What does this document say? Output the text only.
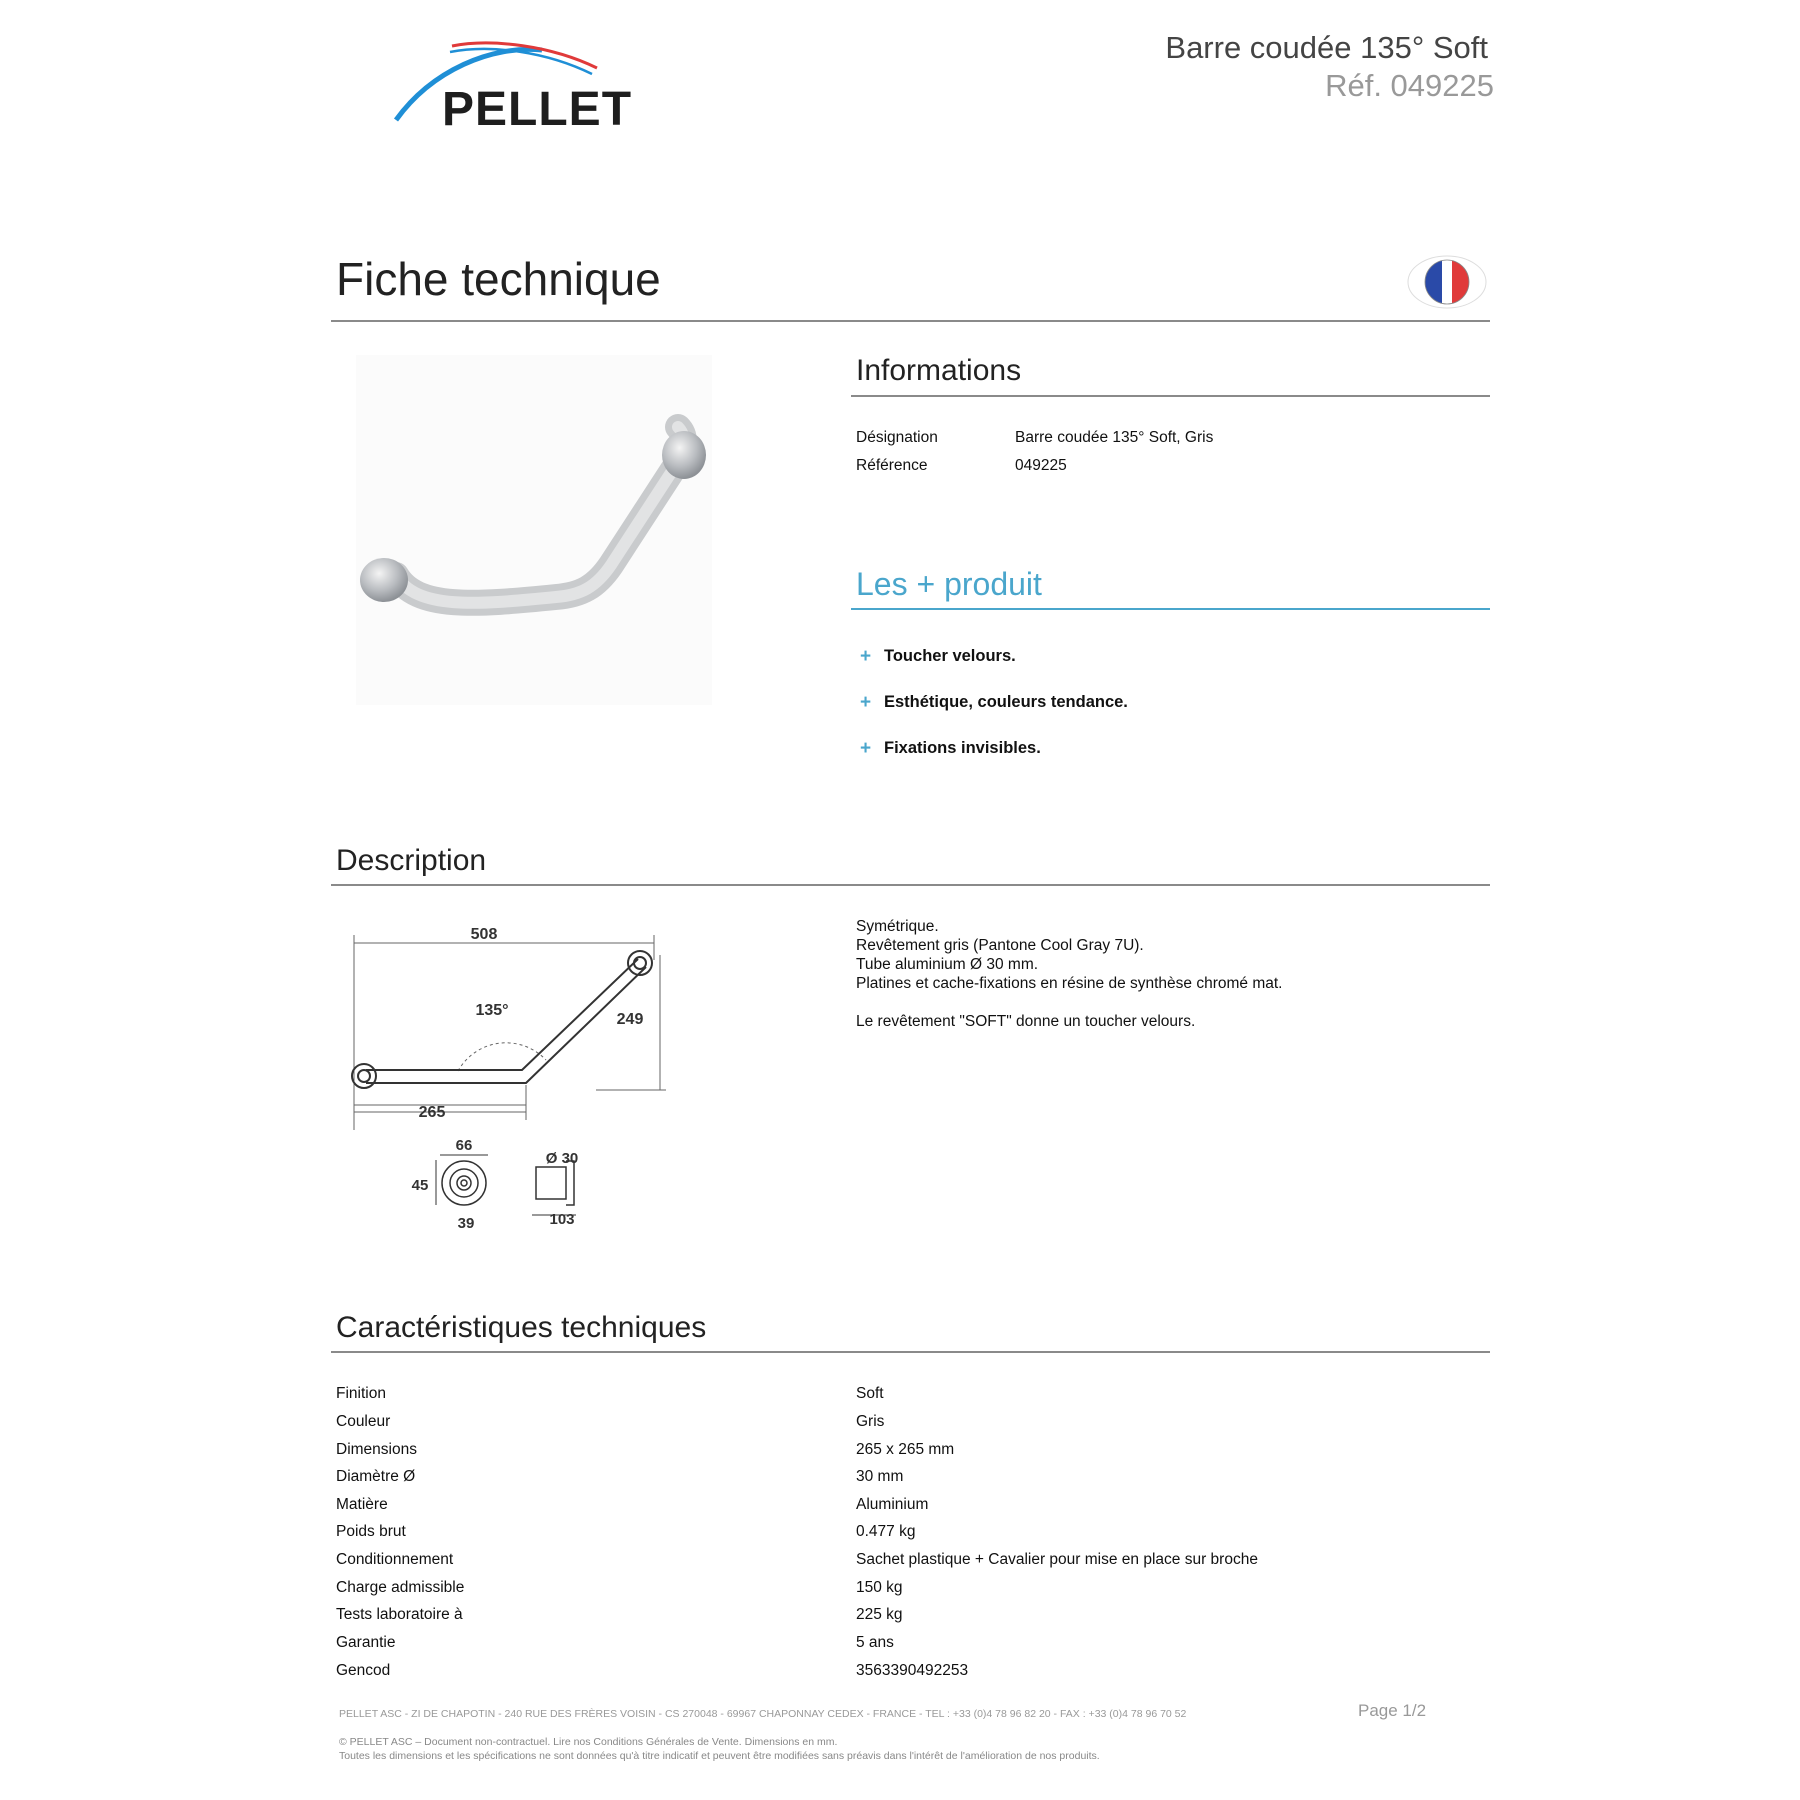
PELLET
Barre coudée 135° Soft
Réf. 049225
Fiche technique
Informations
Désignation	Barre coudée 135° Soft, Gris
Référence	049225
Les + produit
+ Toucher velours.
+ Esthétique, couleurs tendance.
+ Fixations invisibles.
Description
508
135°
249
265
66
45
39
Ø 30
103
Symétrique.
Revêtement gris (Pantone Cool Gray 7U).
Tube aluminium Ø 30 mm.
Platines et cache-fixations en résine de synthèse chromé mat.
Le revêtement "SOFT" donne un toucher velours.
Caractéristiques techniques
Finition	Soft
Couleur	Gris
Dimensions	265 x 265 mm
Diamètre Ø	30 mm
Matière	Aluminium
Poids brut	0.477 kg
Conditionnement	Sachet plastique + Cavalier pour mise en place sur broche
Charge admissible	150 kg
Tests laboratoire à	225 kg
Garantie	5 ans
Gencod	3563390492253
PELLET ASC - ZI DE CHAPOTIN - 240 RUE DES FRÈRES VOISIN - CS 270048 - 69967 CHAPONNAY CEDEX - FRANCE - TEL : +33 (0)4 78 96 82 20 - FAX : +33 (0)4 78 96 70 52	Page 1/2
© PELLET ASC – Document non-contractuel. Lire nos Conditions Générales de Vente. Dimensions en mm.
Toutes les dimensions et les spécifications ne sont données qu'à titre indicatif et peuvent être modifiées sans préavis dans l'intérêt de l'amélioration de nos produits.
